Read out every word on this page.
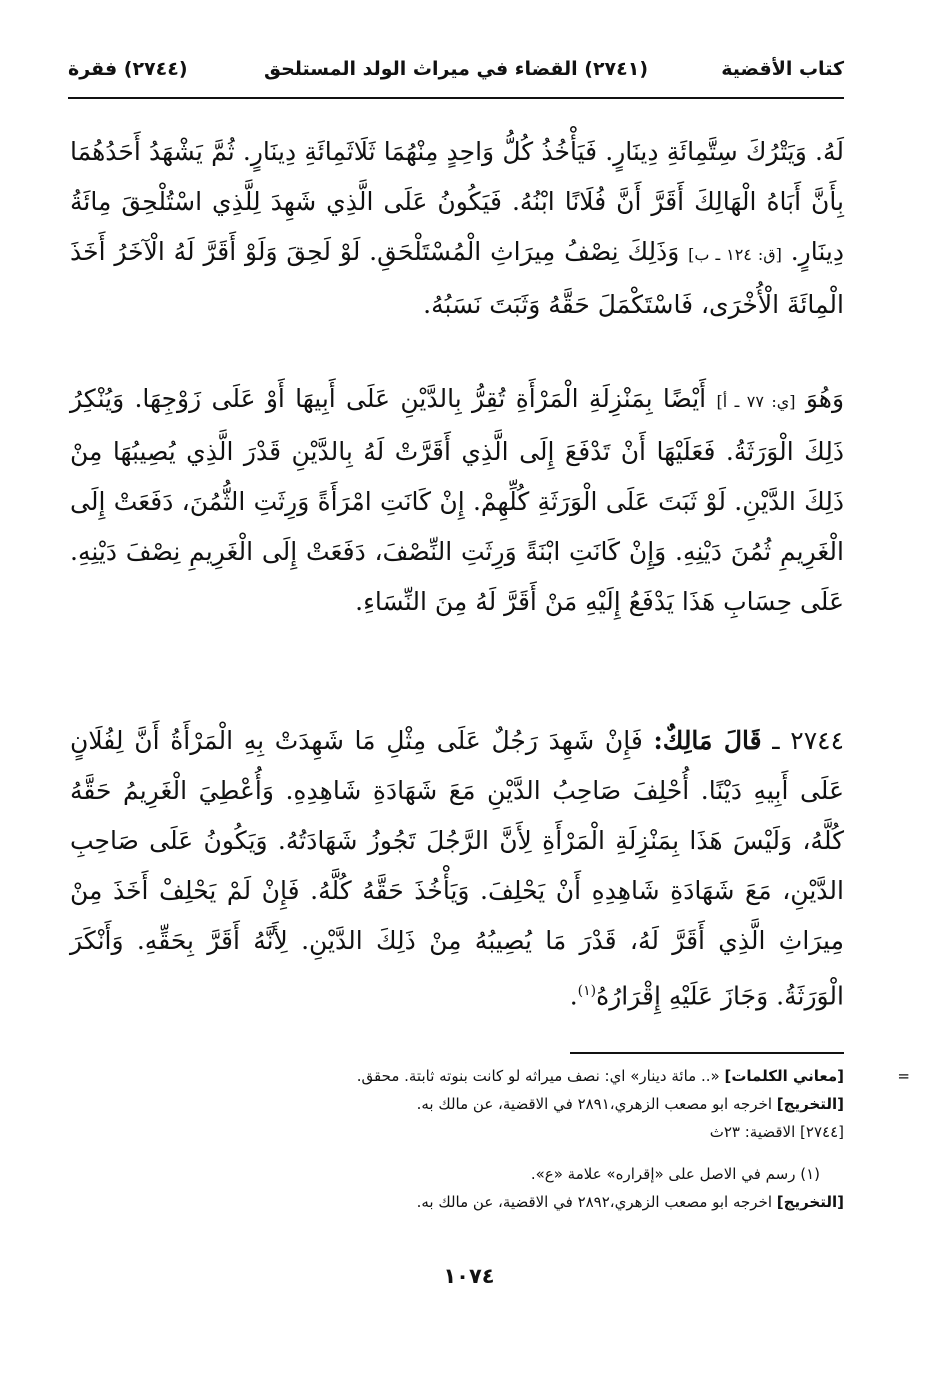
كتاب الأقضية
(٢٧٤١) القضاء في ميراث الولد المستلحق
(٢٧٤٤) فقرة

لَهُ. وَيَتْرُكَ سِتَّمِائَةِ دِينَارٍ. فَيَأْخُذُ كُلُّ وَاحِدٍ مِنْهُمَا ثَلَاثَمِائَةِ دِينَارٍ. ثُمَّ يَشْهَدُ أَحَدُهُمَا بِأَنَّ أَبَاهُ الْهَالِكَ أَقَرَّ أَنَّ فُلَانًا ابْنُهُ. فَيَكُونُ عَلَى الَّذِي شَهِدَ لِلَّذِي اسْتُلْحِقَ مِائَةُ دِينَارٍ. [ق: ١٢٤ ـ ب] وَذَلِكَ نِصْفُ مِيرَاثِ الْمُسْتَلْحَقِ. لَوْ لَحِقَ وَلَوْ أَقَرَّ لَهُ الْآخَرُ أَخَذَ الْمِائَةَ الْأُخْرَى، فَاسْتَكْمَلَ حَقَّهُ وَثَبَتَ نَسَبُهُ.

وَهُوَ [ي: ٧٧ ـ أ] أَيْضًا بِمَنْزِلَةِ الْمَرْأَةِ تُقِرُّ بِالدَّيْنِ عَلَى أَبِيهَا أَوْ عَلَى زَوْجِهَا. وَيُنْكِرُ ذَلِكَ الْوَرَثَةُ. فَعَلَيْهَا أَنْ تَدْفَعَ إِلَى الَّذِي أَقَرَّتْ لَهُ بِالدَّيْنِ قَدْرَ الَّذِي يُصِيبُهَا مِنْ ذَلِكَ الدَّيْنِ. لَوْ ثَبَتَ عَلَى الْوَرَثَةِ كُلِّهِمْ. إِنْ كَانَتِ امْرَأَةً وَرِثَتِ الثُّمُنَ، دَفَعَتْ إِلَى الْغَرِيمِ ثُمُنَ دَيْنِهِ. وَإِنْ كَانَتِ ابْنَةً وَرِثَتِ النِّصْفَ، دَفَعَتْ إِلَى الْغَرِيمِ نِصْفَ دَيْنِهِ. عَلَى حِسَابِ هَذَا يَدْفَعُ إِلَيْهِ مَنْ أَقَرَّ لَهُ مِنَ النِّسَاءِ.

٢٧٤٤ ـ قَالَ مَالِكٌ: فَإِنْ شَهِدَ رَجُلٌ عَلَى مِثْلِ مَا شَهِدَتْ بِهِ الْمَرْأَةُ أَنَّ لِفُلَانٍ عَلَى أَبِيهِ دَيْنًا. أُحْلِفَ صَاحِبُ الدَّيْنِ مَعَ شَهَادَةِ شَاهِدِهِ. وَأُعْطِيَ الْغَرِيمُ حَقَّهُ كُلَّهُ، وَلَيْسَ هَذَا بِمَنْزِلَةِ الْمَرْأَةِ لِأَنَّ الرَّجُلَ تَجُوزُ شَهَادَتُهُ. وَيَكُونُ عَلَى صَاحِبِ الدَّيْنِ، مَعَ شَهَادَةِ شَاهِدِهِ أَنْ يَحْلِفَ. وَيَأْخُذَ حَقَّهُ كُلَّهُ. فَإِنْ لَمْ يَحْلِفْ أَخَذَ مِنْ مِيرَاثِ الَّذِي أَقَرَّ لَهُ، قَدْرَ مَا يُصِيبُهُ مِنْ ذَلِكَ الدَّيْنِ. لِأَنَّهُ أَقَرَّ بِحَقِّهِ. وَأَنْكَرَ الْوَرَثَةُ. وَجَازَ عَلَيْهِ إِقْرَارُهُ$^{(١)}$.

=
[معاني الكلمات] «.. مائة دينار» اي: نصف ميراثه لو كانت بنوته ثابتة. محقق.
[التخريج] اخرجه ابو مصعب الزهري،٢٨٩١ في الاقضية، عن مالك به.
[٢٧٤٤] الاقضية: ٢٣ث
(١) رسم في الاصل على «إقراره» علامة «ع».
[التخريج] اخرجه ابو مصعب الزهري،٢٨٩٢ في الاقضية، عن مالك به.
١٠٧٤
